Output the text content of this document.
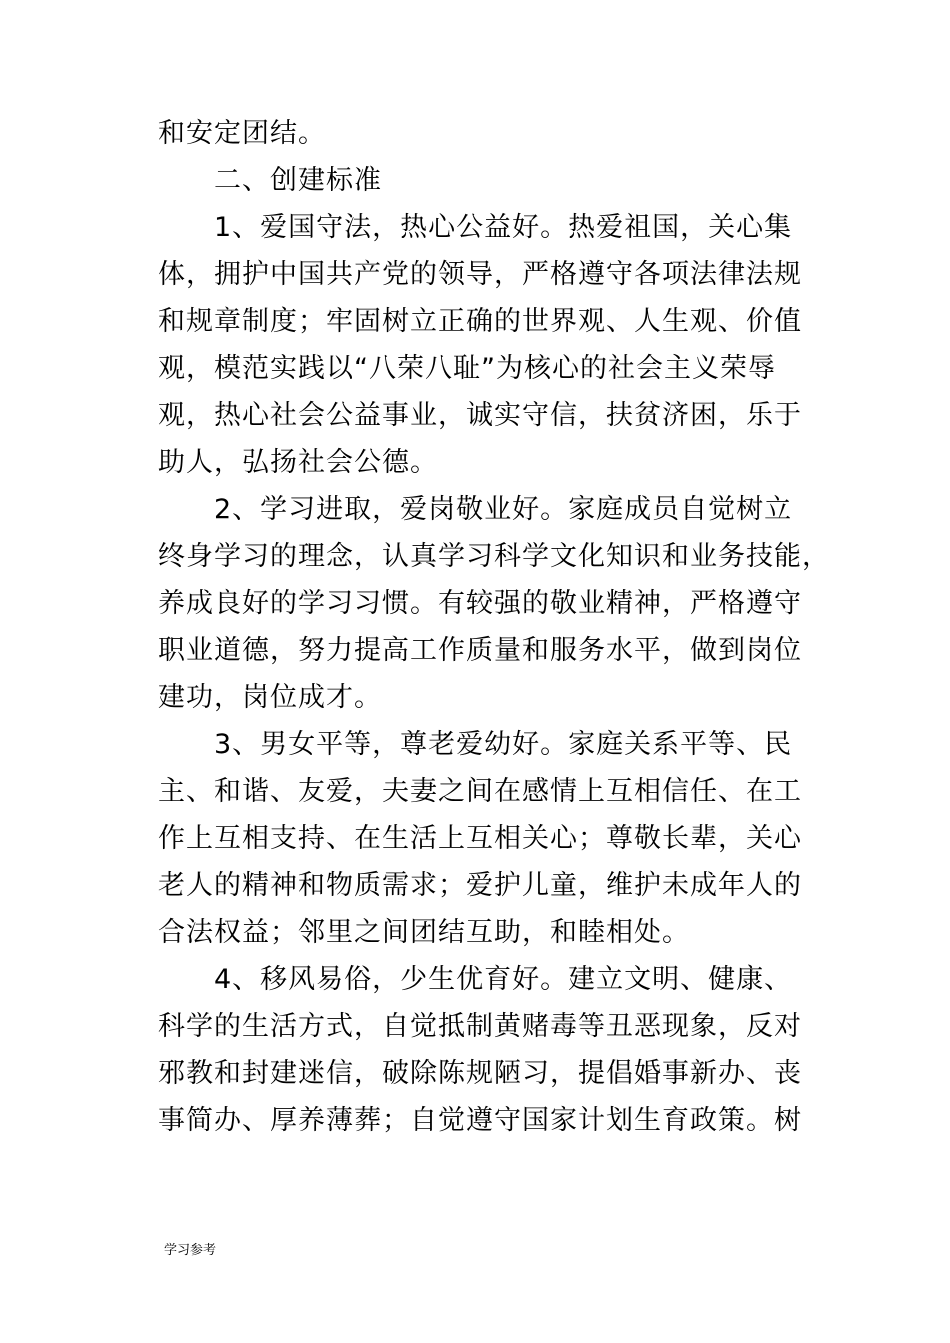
和安定团结。
二、创建标准
1、爱国守法，热心公益好。热爱祖国，关心集
体，拥护中国共产党的领导，严格遵守各项法律法规
和规章制度；牢固树立正确的世界观、人生观、价值
观，模范实践以“八荣八耻”为核心的社会主义荣辱
观，热心社会公益事业，诚实守信，扶贫济困，乐于
助人，弘扬社会公德。
2、学习进取，爱岗敬业好。家庭成员自觉树立
终身学习的理念，认真学习科学文化知识和业务技能，
养成良好的学习习惯。有较强的敬业精神，严格遵守
职业道德，努力提高工作质量和服务水平，做到岗位
建功，岗位成才。
3、男女平等，尊老爱幼好。家庭关系平等、民
主、和谐、友爱，夫妻之间在感情上互相信任、在工
作上互相支持、在生活上互相关心；尊敬长辈，关心
老人的精神和物质需求；爱护儿童，维护未成年人的
合法权益；邻里之间团结互助，和睦相处。
4、移风易俗，少生优育好。建立文明、健康、
科学的生活方式，自觉抵制黄赌毒等丑恶现象，反对
邪教和封建迷信，破除陈规陋习，提倡婚事新办、丧
事简办、厚养薄葬；自觉遵守国家计划生育政策。树
学习参考
